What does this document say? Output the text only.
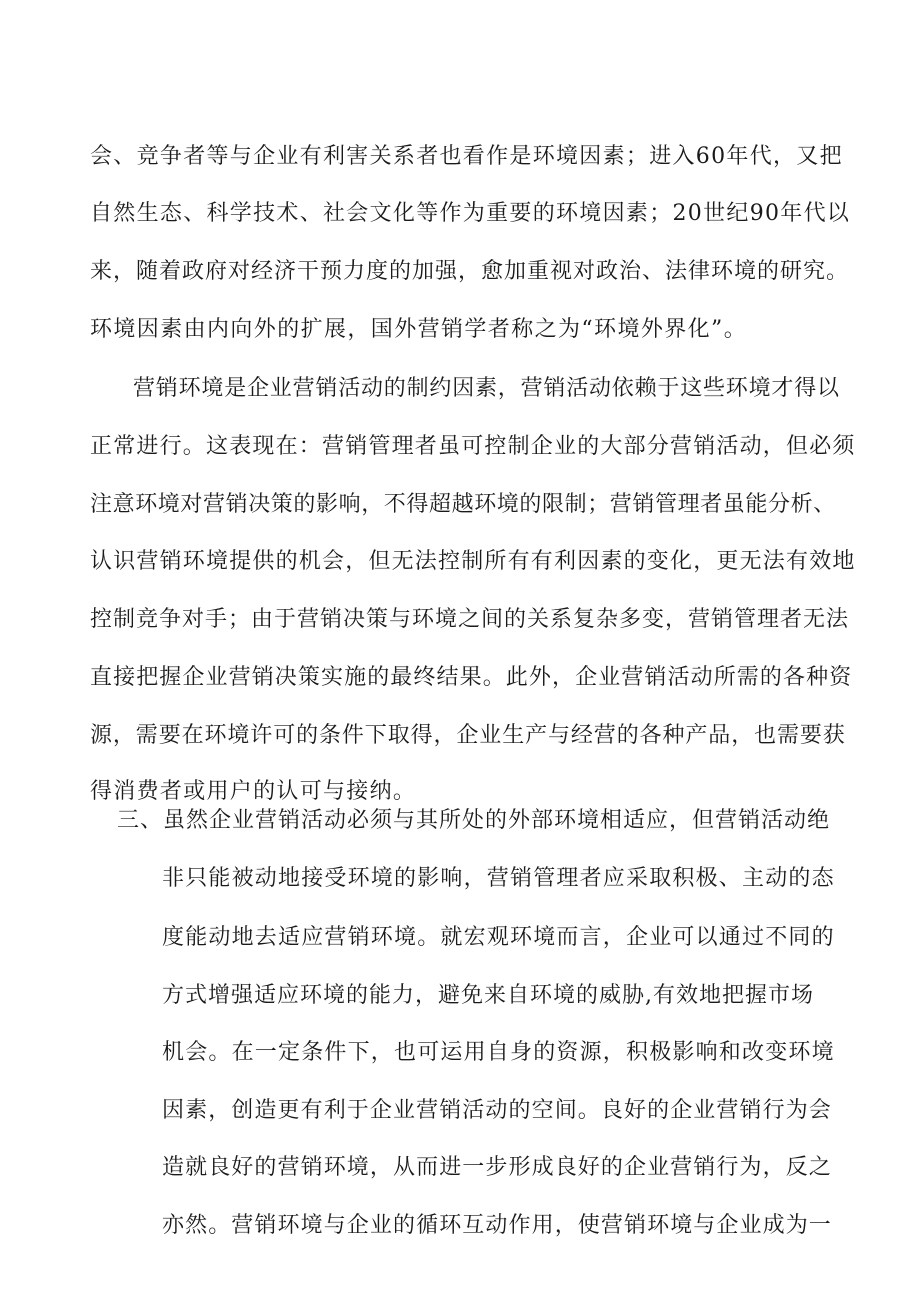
会、竞争者等与企业有利害关系者也看作是环境因素；进入60年代，又把
自然生态、科学技术、社会文化等作为重要的环境因素；20世纪90年代以
来，随着政府对经济干预力度的加强，愈加重视对政治、法律环境的研究。
环境因素由内向外的扩展，国外营销学者称之为“环境外界化”。
营销环境是企业营销活动的制约因素，营销活动依赖于这些环境才得以
正常进行。这表现在：营销管理者虽可控制企业的大部分营销活动，但必须
注意环境对营销决策的影响，不得超越环境的限制；营销管理者虽能分析、
认识营销环境提供的机会，但无法控制所有有利因素的变化，更无法有效地
控制竞争对手；由于营销决策与环境之间的关系复杂多变，营销管理者无法
直接把握企业营销决策实施的最终结果。此外，企业营销活动所需的各种资
源，需要在环境许可的条件下取得，企业生产与经营的各种产品，也需要获
得消费者或用户的认可与接纳。
三、虽然企业营销活动必须与其所处的外部环境相适应，但营销活动绝
非只能被动地接受环境的影响，营销管理者应采取积极、主动的态
度能动地去适应营销环境。就宏观环境而言，企业可以通过不同的
方式增强适应环境的能力，避免来自环境的威胁,有效地把握市场
机会。在一定条件下，也可运用自身的资源，积极影响和改变环境
因素，创造更有利于企业营销活动的空间。良好的企业营销行为会
造就良好的营销环境，从而进一步形成良好的企业营销行为，反之
亦然。营销环境与企业的循环互动作用，使营销环境与企业成为一
